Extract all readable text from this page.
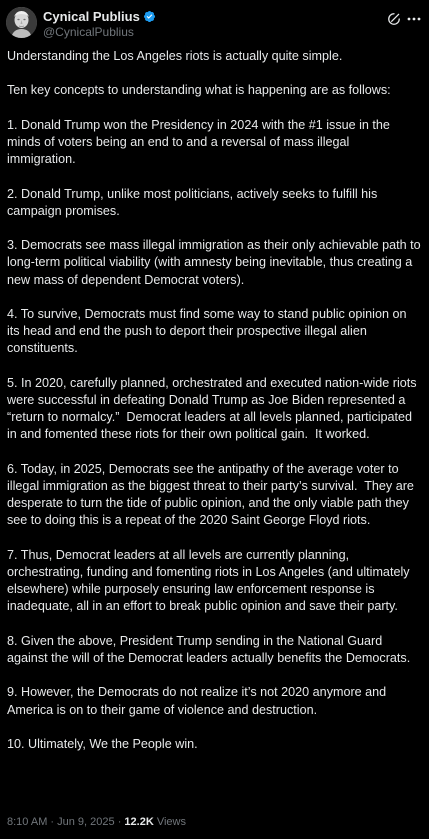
Cynical Publius
@CynicalPublius

Understanding the Los Angeles riots is actually quite simple.

Ten key concepts to understanding what is happening are as follows:

1. Donald Trump won the Presidency in 2024 with the #1 issue in the minds of voters being an end to and a reversal of mass illegal immigration.

2. Donald Trump, unlike most politicians, actively seeks to fulfill his campaign promises.

3. Democrats see mass illegal immigration as their only achievable path to long-term political viability (with amnesty being inevitable, thus creating a new mass of dependent Democrat voters).

4. To survive, Democrats must find some way to stand public opinion on its head and end the push to deport their prospective illegal alien constituents.

5. In 2020, carefully planned, orchestrated and executed nation-wide riots were successful in defeating Donald Trump as Joe Biden represented a “return to normalcy.”  Democrat leaders at all levels planned, participated in and fomented these riots for their own political gain.  It worked.

6. Today, in 2025, Democrats see the antipathy of the average voter to illegal immigration as the biggest threat to their party’s survival.  They are desperate to turn the tide of public opinion, and the only viable path they see to doing this is a repeat of the 2020 Saint George Floyd riots.

7. Thus, Democrat leaders at all levels are currently planning, orchestrating, funding and fomenting riots in Los Angeles (and ultimately elsewhere) while purposely ensuring law enforcement response is inadequate, all in an effort to break public opinion and save their party.

8. Given the above, President Trump sending in the National Guard against the will of the Democrat leaders actually benefits the Democrats.

9. However, the Democrats do not realize it’s not 2020 anymore and America is on to their game of violence and destruction.

10. Ultimately, We the People win.

8:10 AM · Jun 9, 2025 · 12.2K Views
